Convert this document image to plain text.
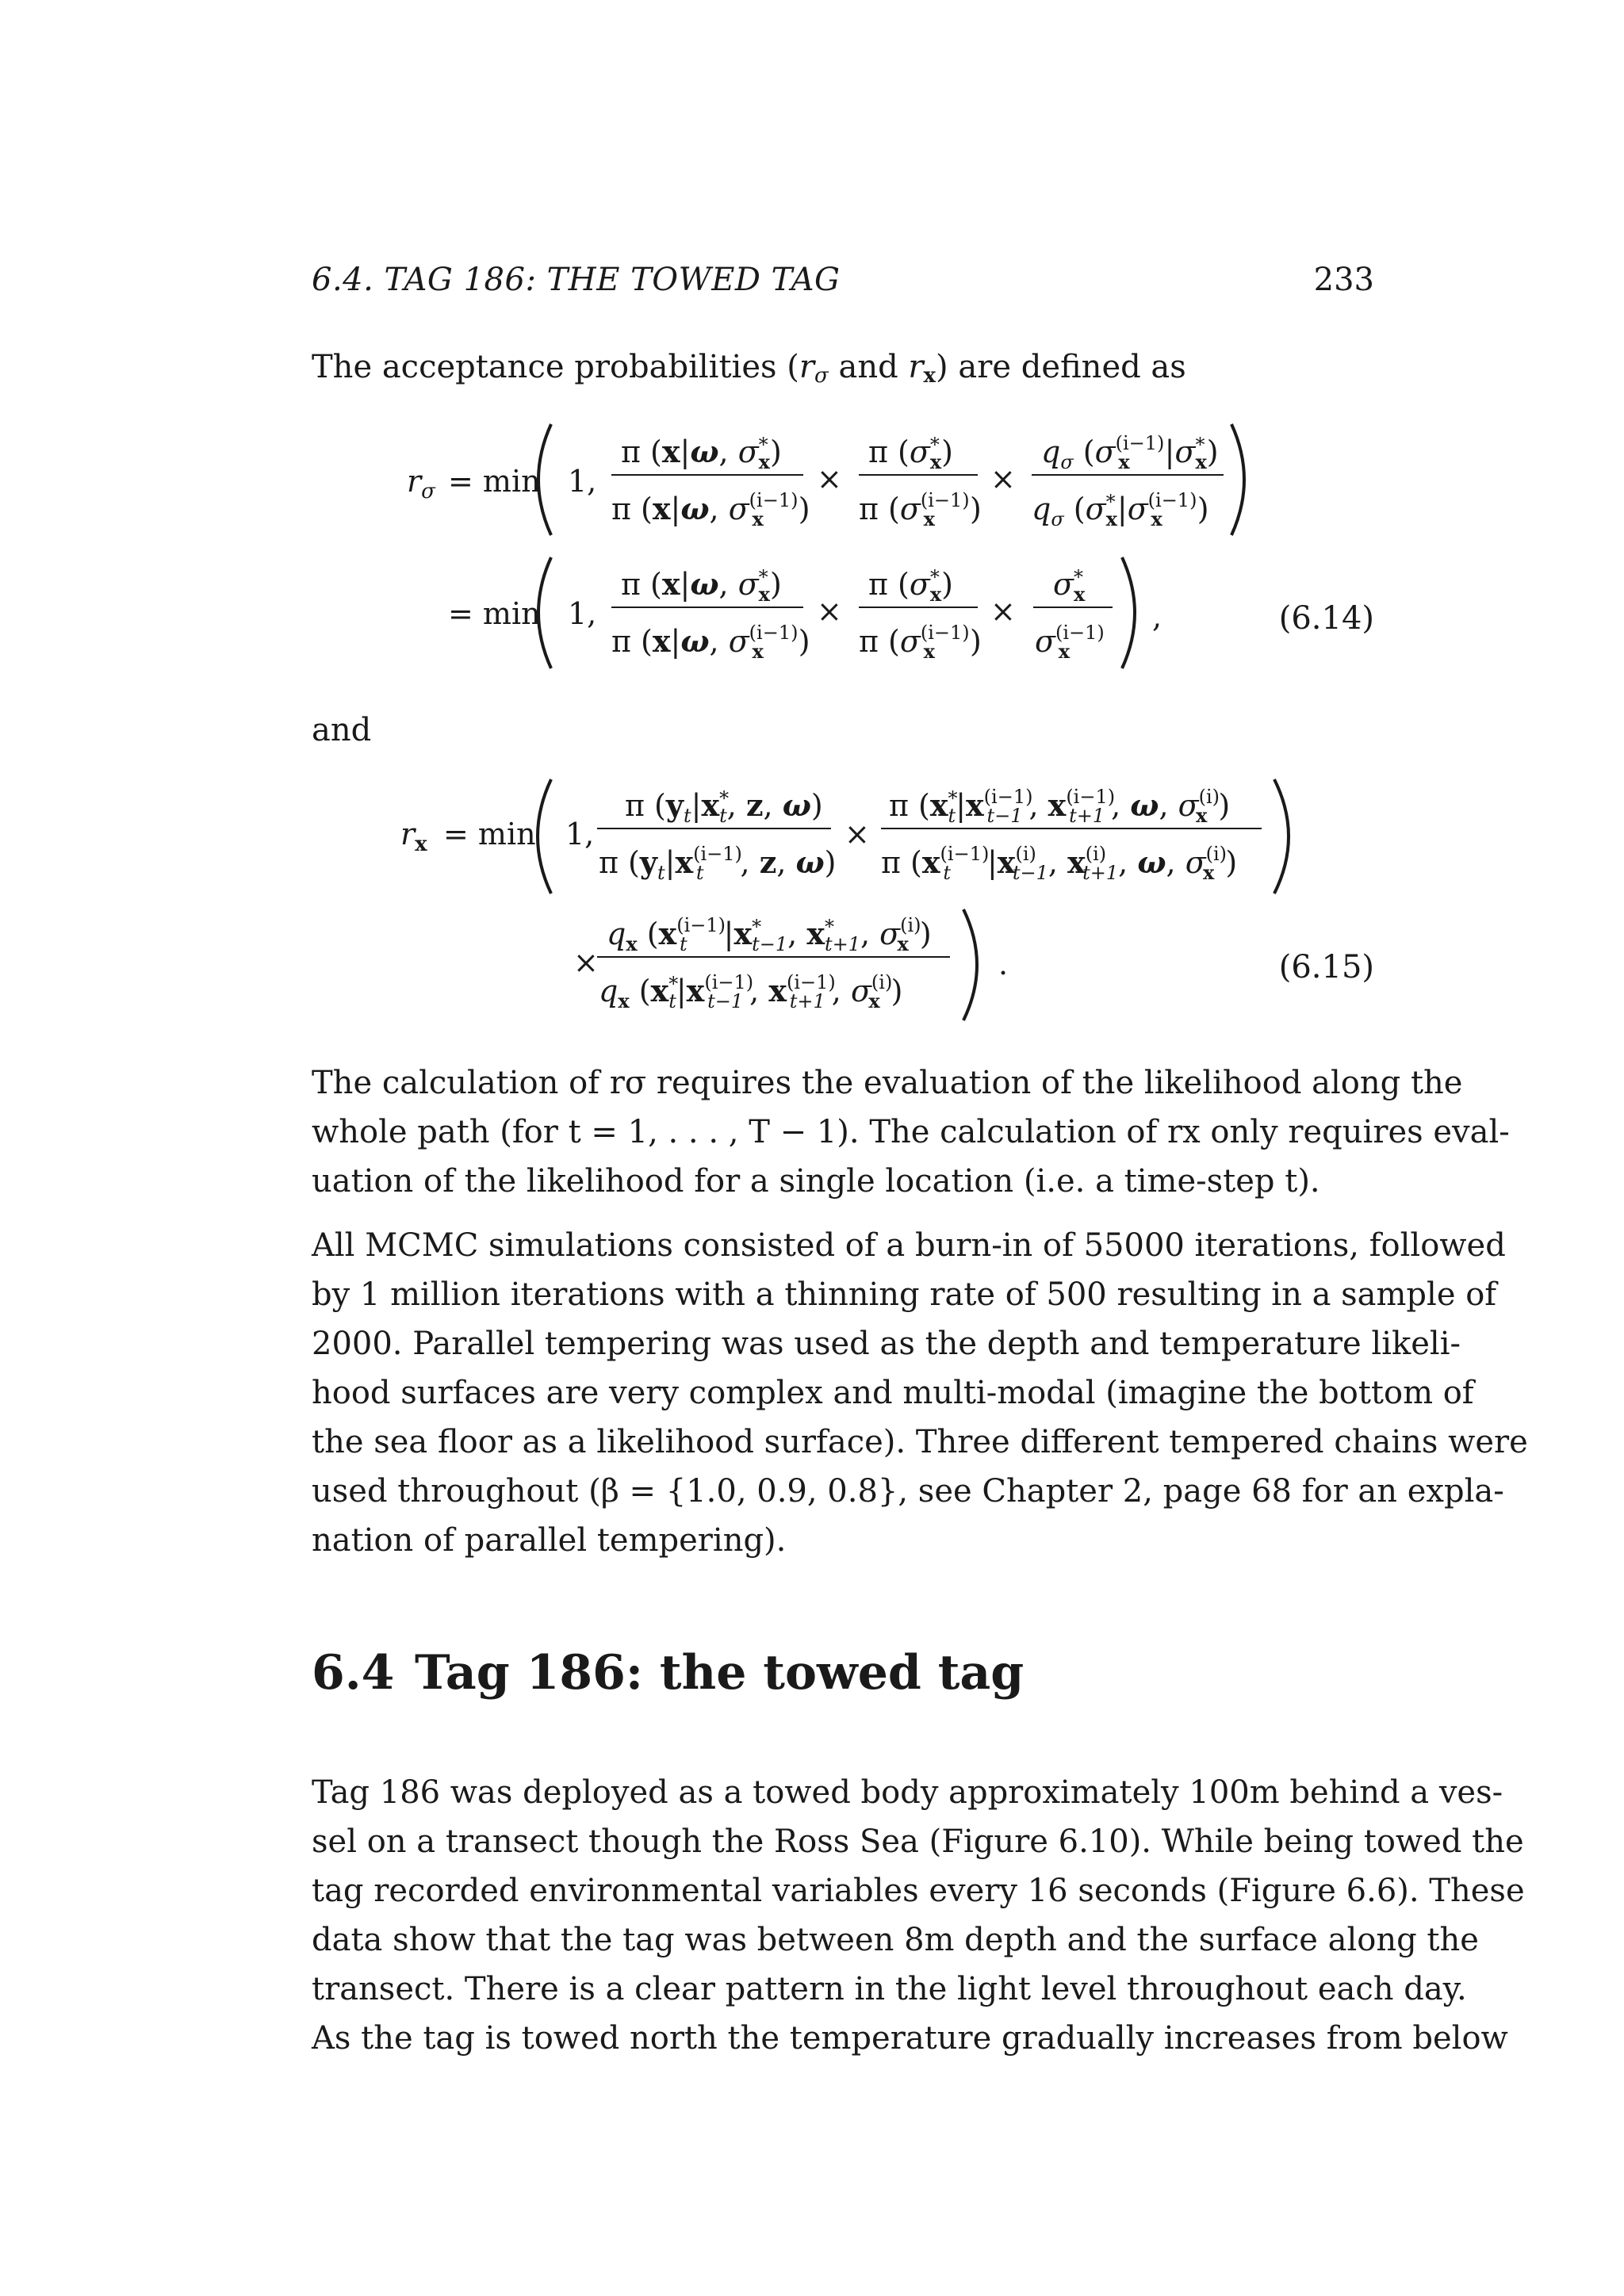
6.4. TAG 186: THE TOWED TAG	233
The acceptance probabilities ($r_\sigma$ and $r_x$) are defined as
$r_\sigma = \min 1$,
π (x|ω, σ* x)
π (x|ω, $\sigma^{(i-1)}$ x )
×
π (σ* x)
π ($\sigma^{(i-1)}$ x )
×
$q_\sigma$ ($\sigma^{(i-1)}$ x |σ* x)
$q_\sigma$ (σ* $x|\sigma^{(i-1)}$ x )
= min 1,
π (x|ω, σ* x)
π (x|ω, $\sigma^{(i-1)}$ x )
×
π (σ* x)
π ($\sigma^{(i-1)}$ x )
×
σ* x
$\sigma^{(i-1)}$ x
,	(6.14)
and
$r_x = \min 1$,
π ($y_t|x^*$ t, z, ω)
π ($y_t|x^{(i-1)}$ t , z, ω)
×
π (x* $t|x^{(i-1)}$ t−1 , $x^{(i-1)}$ t+1 , ω, $\sigma^{(i)}$ x )
π ($x^{(i-1)}$ t $|x^{(i)}$ t−1, $x^{(i)}$ t+1, ω, $\sigma^{(i)}$ x )
×
$q_x$ ($x^{(i-1)}$ t |x* t−1, x* t+1, $\sigma^{(i)}$ x )
$q_x$ (x* $t|x^{(i-1)}$ t−1 , $x^{(i-1)}$ t+1 , $\sigma^{(i)}$ x )
.	(6.15)
The calculation of rσ requires the evaluation of the likelihood along the
whole path (for t = 1, . . . , T − 1). The calculation of rx only requires eval-
uation of the likelihood for a single location (i.e. a time-step t).
All MCMC simulations consisted of a burn-in of 55000 iterations, followed
by 1 million iterations with a thinning rate of 500 resulting in a sample of
2000. Parallel tempering was used as the depth and temperature likeli-
hood surfaces are very complex and multi-modal (imagine the bottom of
the sea floor as a likelihood surface). Three different tempered chains were
used throughout (β = {1.0, 0.9, 0.8}, see Chapter 2, page 68 for an expla-
nation of parallel tempering).
6.4 Tag 186: the towed tag
Tag 186 was deployed as a towed body approximately 100m behind a ves-
sel on a transect though the Ross Sea (Figure 6.10). While being towed the
tag recorded environmental variables every 16 seconds (Figure 6.6). These
data show that the tag was between 8m depth and the surface along the
transect. There is a clear pattern in the light level throughout each day.
As the tag is towed north the temperature gradually increases from below
